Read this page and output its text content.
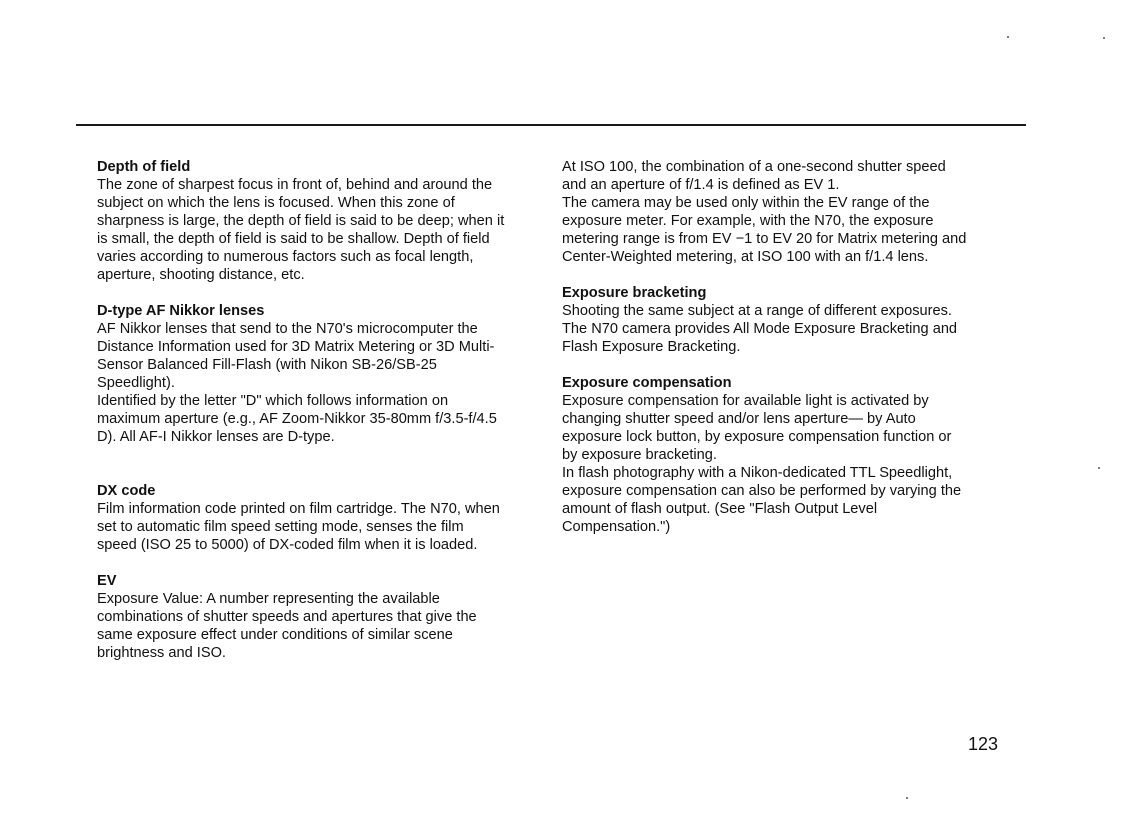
Depth of field

The zone of sharpest focus in front of, behind and around the

subject on which the lens is focused. When this zone of

sharpness is large, the depth of field is said to be deep; when it

is small, the depth of field is said to be shallow. Depth of field

varies according to numerous factors such as focal length,

aperture, shooting distance, etc.

D-type AF Nikkor lenses

AF Nikkor lenses that send to the N70's microcomputer the

Distance Information used for 3D Matrix Metering or 3D Multi-

Sensor Balanced Fill-Flash (with Nikon SB-26/SB-25

Speedlight).

Identified by the letter "D" which follows information on

maximum aperture (e.g., AF Zoom-Nikkor 35-80mm f/3.5-f/4.5

D). All AF-I Nikkor lenses are D-type.

DX code

Film information code printed on film cartridge. The N70, when

set to automatic film speed setting mode, senses the film

speed (ISO 25 to 5000) of DX-coded film when it is loaded.

EV

Exposure Value: A number representing the available

combinations of shutter speeds and apertures that give the

same exposure effect under conditions of similar scene

brightness and ISO.

At ISO 100, the combination of a one-second shutter speed

and an aperture of f/1.4 is defined as EV 1.

The camera may be used only within the EV range of the

exposure meter. For example, with the N70, the exposure

metering range is from EV −1 to EV 20 for Matrix metering and

Center-Weighted metering, at ISO 100 with an f/1.4 lens.

Exposure bracketing

Shooting the same subject at a range of different exposures.

The N70 camera provides All Mode Exposure Bracketing and

Flash Exposure Bracketing.

Exposure compensation

Exposure compensation for available light is activated by

changing shutter speed and/or lens aperture— by Auto

exposure lock button, by exposure compensation function or

by exposure bracketing.

In flash photography with a Nikon-dedicated TTL Speedlight,

exposure compensation can also be performed by varying the

amount of flash output. (See "Flash Output Level

Compensation.")

123
